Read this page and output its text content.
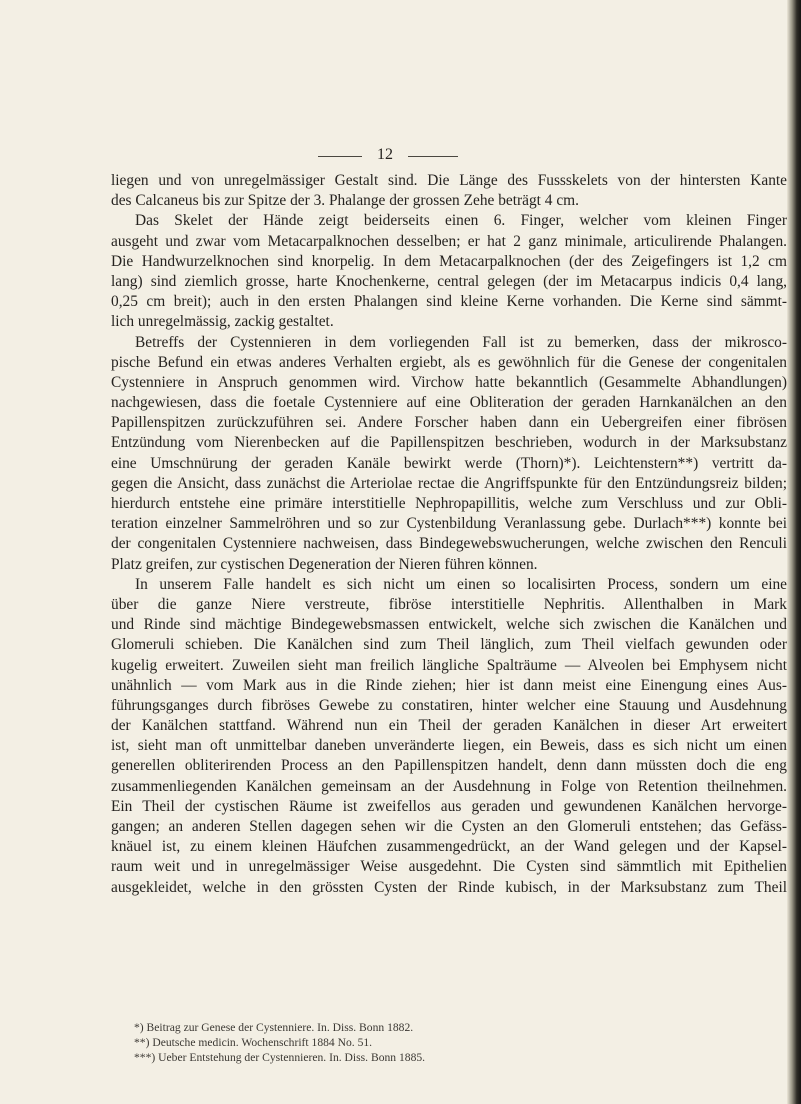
12
liegen und von unregelmässiger Gestalt sind. Die Länge des Fussskelets von der hintersten Kante
des Calcaneus bis zur Spitze der 3. Phalange der grossen Zehe beträgt 4 cm.
Das Skelet der Hände zeigt beiderseits einen 6. Finger, welcher vom kleinen Finger
ausgeht und zwar vom Metacarpalknochen desselben; er hat 2 ganz minimale, articulirende Phalangen.
Die Handwurzelknochen sind knorpelig. In dem Metacarpalknochen (der des Zeigefingers ist 1,2 cm
lang) sind ziemlich grosse, harte Knochenkerne, central gelegen (der im Metacarpus indicis 0,4 lang,
0,25 cm breit); auch in den ersten Phalangen sind kleine Kerne vorhanden. Die Kerne sind sämmt-
lich unregelmässig, zackig gestaltet.
Betreffs der Cystennieren in dem vorliegenden Fall ist zu bemerken, dass der mikrosco-
pische Befund ein etwas anderes Verhalten ergiebt, als es gewöhnlich für die Genese der congenitalen
Cystenniere in Anspruch genommen wird. Virchow hatte bekanntlich (Gesammelte Abhandlungen)
nachgewiesen, dass die foetale Cystenniere auf eine Obliteration der geraden Harnkanälchen an den
Papillenspitzen zurückzuführen sei. Andere Forscher haben dann ein Uebergreifen einer fibrösen
Entzündung vom Nierenbecken auf die Papillenspitzen beschrieben, wodurch in der Marksubstanz
eine Umschnürung der geraden Kanäle bewirkt werde (Thorn)*). Leichtenstern**) vertritt da-
gegen die Ansicht, dass zunächst die Arteriolae rectae die Angriffspunkte für den Entzündungsreiz bilden;
hierdurch entstehe eine primäre interstitielle Nephropapillitis, welche zum Verschluss und zur Obli-
teration einzelner Sammelröhren und so zur Cystenbildung Veranlassung gebe. Durlach***) konnte bei
der congenitalen Cystenniere nachweisen, dass Bindegewebswucherungen, welche zwischen den Renculi
Platz greifen, zur cystischen Degeneration der Nieren führen können.
In unserem Falle handelt es sich nicht um einen so localisirten Process, sondern um eine
über die ganze Niere verstreute, fibröse interstitielle Nephritis. Allenthalben in Mark
und Rinde sind mächtige Bindegewebsmassen entwickelt, welche sich zwischen die Kanälchen und
Glomeruli schieben. Die Kanälchen sind zum Theil länglich, zum Theil vielfach gewunden oder
kugelig erweitert. Zuweilen sieht man freilich längliche Spalträume — Alveolen bei Emphysem nicht
unähnlich — vom Mark aus in die Rinde ziehen; hier ist dann meist eine Einengung eines Aus-
führungsganges durch fibröses Gewebe zu constatiren, hinter welcher eine Stauung und Ausdehnung
der Kanälchen stattfand. Während nun ein Theil der geraden Kanälchen in dieser Art erweitert
ist, sieht man oft unmittelbar daneben unveränderte liegen, ein Beweis, dass es sich nicht um einen
generellen obliterirenden Process an den Papillenspitzen handelt, denn dann müssten doch die eng
zusammenliegenden Kanälchen gemeinsam an der Ausdehnung in Folge von Retention theilnehmen.
Ein Theil der cystischen Räume ist zweifellos aus geraden und gewundenen Kanälchen hervorge-
gangen; an anderen Stellen dagegen sehen wir die Cysten an den Glomeruli entstehen; das Gefäss-
knäuel ist, zu einem kleinen Häufchen zusammengedrückt, an der Wand gelegen und der Kapsel-
raum weit und in unregelmässiger Weise ausgedehnt. Die Cysten sind sämmtlich mit Epithelien
ausgekleidet, welche in den grössten Cysten der Rinde kubisch, in der Marksubstanz zum Theil
*) Beitrag zur Genese der Cystenniere. In. Diss. Bonn 1882.
**) Deutsche medicin. Wochenschrift 1884 No. 51.
***) Ueber Entstehung der Cystennieren. In. Diss. Bonn 1885.
